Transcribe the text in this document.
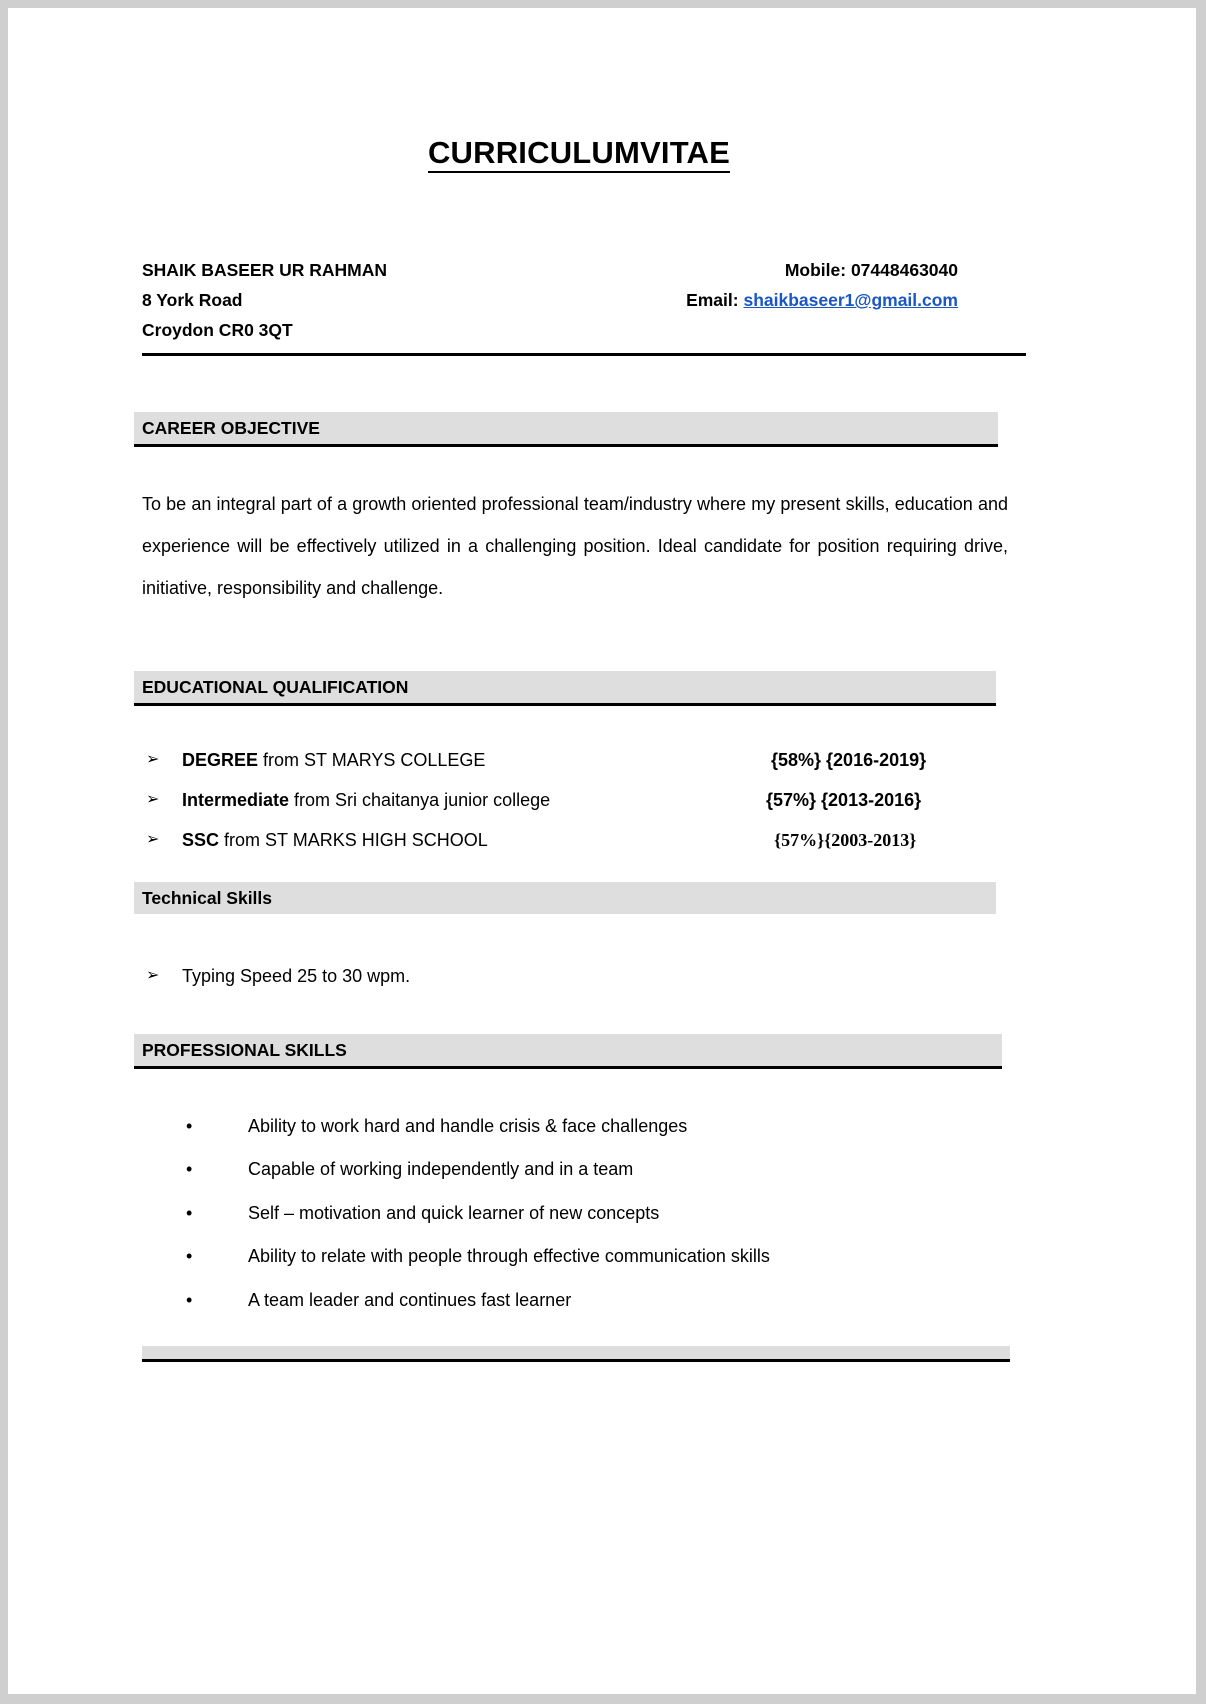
CURRICULUMVITAE
SHAIK BASEER UR RAHMAN
8 York Road
Croydon CR0 3QT
Mobile: 07448463040
Email: shaikbaseer1@gmail.com
CAREER OBJECTIVE
To be an integral part of a growth oriented professional team/industry where my present skills, education and experience will be effectively utilized in a challenging position. Ideal candidate for position requiring drive, initiative, responsibility and challenge.
EDUCATIONAL QUALIFICATION
➢ DEGREE from ST MARYS COLLEGE	{58%} {2016-2019}
➢ Intermediate from Sri chaitanya junior college	{57%} {2013-2016}
➢ SSC from ST MARKS HIGH SCHOOL	{57%}{2003-2013}
Technical Skills
➢ Typing Speed 25 to 30 wpm.
PROFESSIONAL SKILLS
•	Ability to work hard and handle crisis & face challenges
•	Capable of working independently and in a team
•	Self – motivation and quick learner of new concepts
•	Ability to relate with people through effective communication skills
•	A team leader and continues fast learner
